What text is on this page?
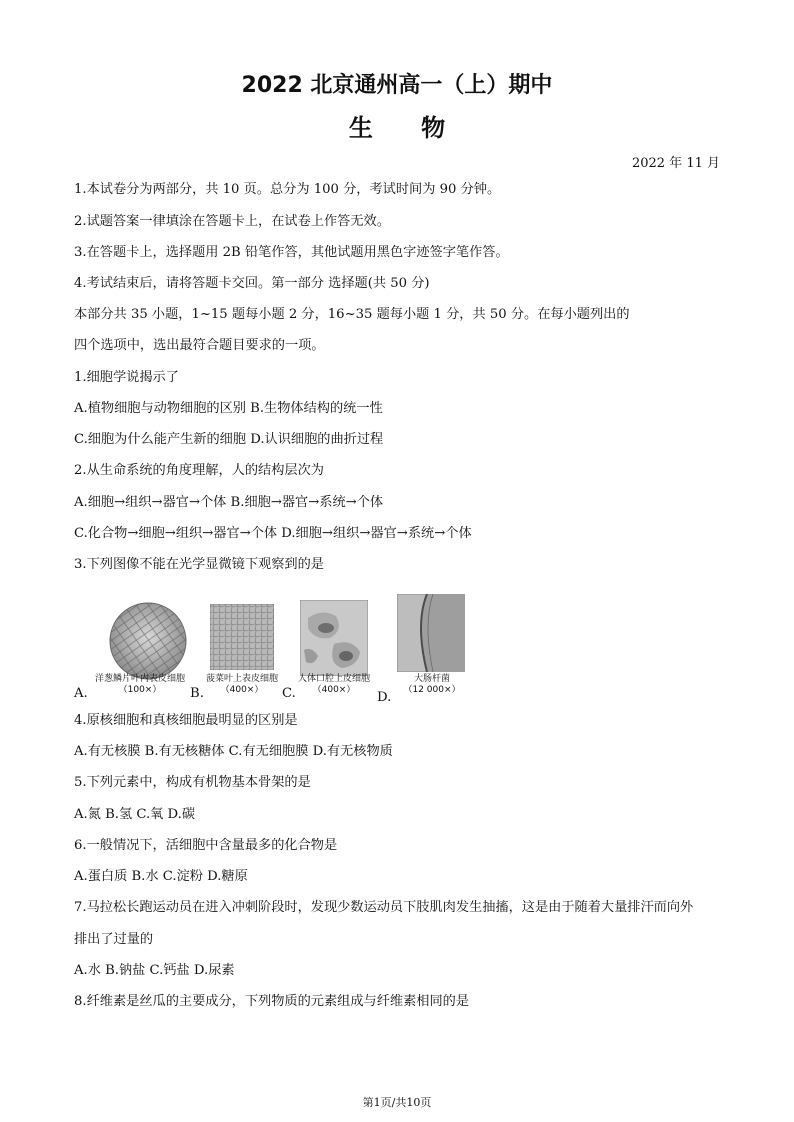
2022 北京通州高一（上）期中
生 物
2022 年 11 月
1.本试卷分为两部分，共 10 页。总分为 100 分，考试时间为 90 分钟。
2.试题答案一律填涂在答题卡上，在试卷上作答无效。
3.在答题卡上，选择题用 2B 铅笔作答，其他试题用黑色字迹签字笔作答。
4.考试结束后，请将答题卡交回。第一部分 选择题(共 50 分)
本部分共 35 小题，1~15 题每小题 2 分，16~35 题每小题 1 分，共 50 分。在每小题列出的
四个选项中，选出最符合题目要求的一项。
1.细胞学说揭示了
A.植物细胞与动物细胞的区别 B.生物体结构的统一性
C.细胞为什么能产生新的细胞 D.认识细胞的曲折过程
2.从生命系统的角度理解，人的结构层次为
A.细胞→组织→器官→个体 B.细胞→器官→系统→个体
C.化合物→细胞→组织→器官→个体 D.细胞→组织→器官→系统→个体
3.下列图像不能在光学显微镜下观察到的是
A.
洋葱鳞片叶内表皮细胞
（100×）	B.
菠菜叶上表皮细胞
（400×）	C.
人体口腔上皮细胞
（400×）	D.
大肠杆菌
（12 000×）
4.原核细胞和真核细胞最明显的区别是
A.有无核膜 B.有无核糖体 C.有无细胞膜 D.有无核物质
5.下列元素中，构成有机物基本骨架的是
A.氮 B.氢 C.氧 D.碳
6.一般情况下，活细胞中含量最多的化合物是
A.蛋白质 B.水 C.淀粉 D.糖原
7.马拉松长跑运动员在进入冲刺阶段时，发现少数运动员下肢肌肉发生抽搐，这是由于随着大量排汗而向外
排出了过量的
A.水 B.钠盐 C.钙盐 D.尿素
8.纤维素是丝瓜的主要成分，下列物质的元素组成与纤维素相同的是
第1页/共10页
